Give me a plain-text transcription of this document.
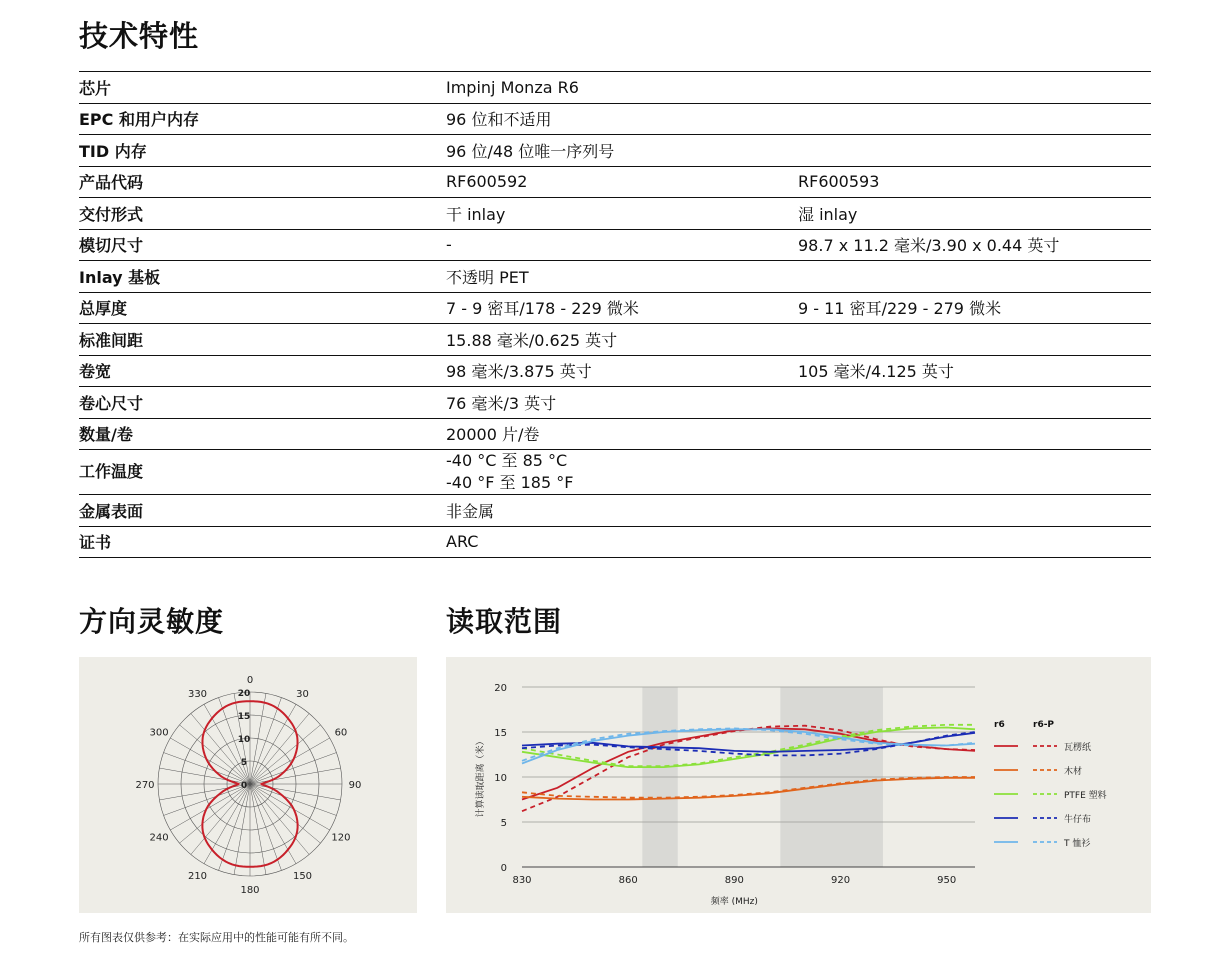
技术特性
芯片	Impinj Monza R6	
EPC 和用户内存	96 位和不适用	
TID 内存	96 位/48 位唯一序列号	
产品代码	RF600592	RF600593
交付形式	干 inlay	湿 inlay
模切尺寸	-	98.7 x 11.2 毫米/3.90 x 0.44 英寸
Inlay 基板	不透明 PET	
总厚度	7 - 9 密耳/178 - 229 微米	9 - 11 密耳/229 - 279 微米
标准间距	15.88 毫米/0.625 英寸	
卷宽	98 毫米/3.875 英寸	105 毫米/4.125 英寸
卷心尺寸	76 毫米/3 英寸	
数量/卷	20000 片/卷	
工作温度	-40 °C 至 85 °C
-40 °F 至 185 °F	

金属表面	非金属	
证书	ARC	
方向灵敏度	读取范围
0
30
60
90
120
150
180
210
240
270
300
330
5
10
15
20
0
0
5
10
15
20
830	860	890	920	950
频率 (MHz)
计算读取距离（米）
r6	r6-P
瓦楞纸
木材
PTFE 塑料
牛仔布
T 恤衫
所有图表仅供参考：在实际应用中的性能可能有所不同。
